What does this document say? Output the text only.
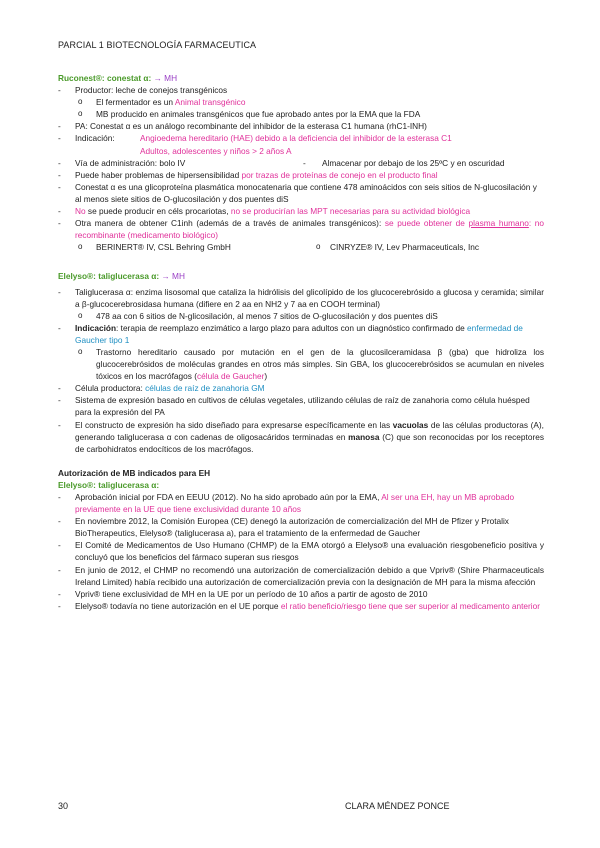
PARCIAL 1 BIOTECNOLOGÍA FARMACEUTICA

Ruconest®: conestat α: → MH

- Productor: leche de conejos transgénicos
o El fermentador es un Animal transgénico
o MB producido en animales transgénicos que fue aprobado antes por la EMA que la FDA
- PA: Conestat α es un análogo recombinante del inhibidor de la esterasa C1 humana (rhC1-INH)
- Indicación:	Angioedema hereditario (HAE) debido a la deficiencia del inhibidor de la esterasa C1
Adultos, adolescentes y niños > 2 años A
- Vía de administración: bolo IV	-	Almacenar por debajo de los 25ºC y en oscuridad
- Puede haber problemas de hipersensibilidad por trazas de proteínas de conejo en el producto final
- Conestat α es una glicoproteína plasmática monocatenaria que contiene 478 aminoácidos con seis sitios de N-glucosilación y al menos siete sitios de O-glucosilación y dos puentes diS
- No se puede producir en céls procariotas, no se producirían las MPT necesarias para su actividad biológica
- Otra manera de obtener C1inh (además de a través de animales transgénicos): se puede obtener de plasma humano: no recombinante (medicamento biológico)
o BERINERT® IV, CSL Behring GmbH	o	CINRYZE® IV, Lev Pharmaceuticals, Inc

Elelyso®: taliglucerasa α: → MH

- Taliglucerasa α: enzima lisosomal que cataliza la hidrólisis del glicolípido de los glucocerebrósido a glucosa y ceramida; similar a β-glucocerebrosidasa humana (difiere en 2 aa en NH2 y 7 aa en COOH terminal)
o 478 aa con 6 sitios de N-glicosilación, al menos 7 sitios de O-glucosilación y dos puentes diS
- Indicación: terapia de reemplazo enzimático a largo plazo para adultos con un diagnóstico confirmado de enfermedad de Gaucher tipo 1
o Trastorno hereditario causado por mutación en el gen de la glucosilceramidasa β (gba) que hidroliza los glucocerebrósidos de moléculas grandes en otros más simples. Sin GBA, los glucocerebrósidos se acumulan en niveles tóxicos en los macrófagos (célula de Gaucher)
- Célula productora: células de raíz de zanahoria GM
- Sistema de expresión basado en cultivos de células vegetales, utilizando células de raíz de zanahoria como célula huésped para la expresión del PA
- El constructo de expresión ha sido diseñado para expresarse específicamente en las vacuolas de las células productoras (A), generando taliglucerasa α con cadenas de oligosacáridos terminadas en manosa (C) que son reconocidas por los receptores de carbohidratos endocíticos de los macrófagos.

Autorización de MB indicados para EH

Elelyso®: taliglucerasa α:

- Aprobación inicial por FDA en EEUU (2012). No ha sido aprobado aún por la EMA, Al ser una EH, hay un MB aprobado previamente en la UE que tiene exclusividad durante 10 años
- En noviembre 2012, la Comisión Europea (CE) denegó la autorización de comercialización del MH de Pfizer y Protalix BioTherapeutics, Elelyso® (taliglucerasa a), para el tratamiento de la enfermedad de Gaucher
- El Comité de Medicamentos de Uso Humano (CHMP) de la EMA otorgó a Elelyso® una evaluación riesgobeneficio positiva y concluyó que los beneficios del fármaco superan sus riesgos
- En junio de 2012, el CHMP no recomendó una autorización de comercialización debido a que Vpriv® (Shire Pharmaceuticals Ireland Limited) había recibido una autorización de comercialización previa con la designación de MH para la misma afección
- Vpriv® tiene exclusividad de MH en la UE por un período de 10 años a partir de agosto de 2010
- Elelyso® todavía no tiene autorización en el UE porque el ratio beneficio/riesgo tiene que ser superior al medicamento anterior
30	CLARA MÉNDEZ PONCE
